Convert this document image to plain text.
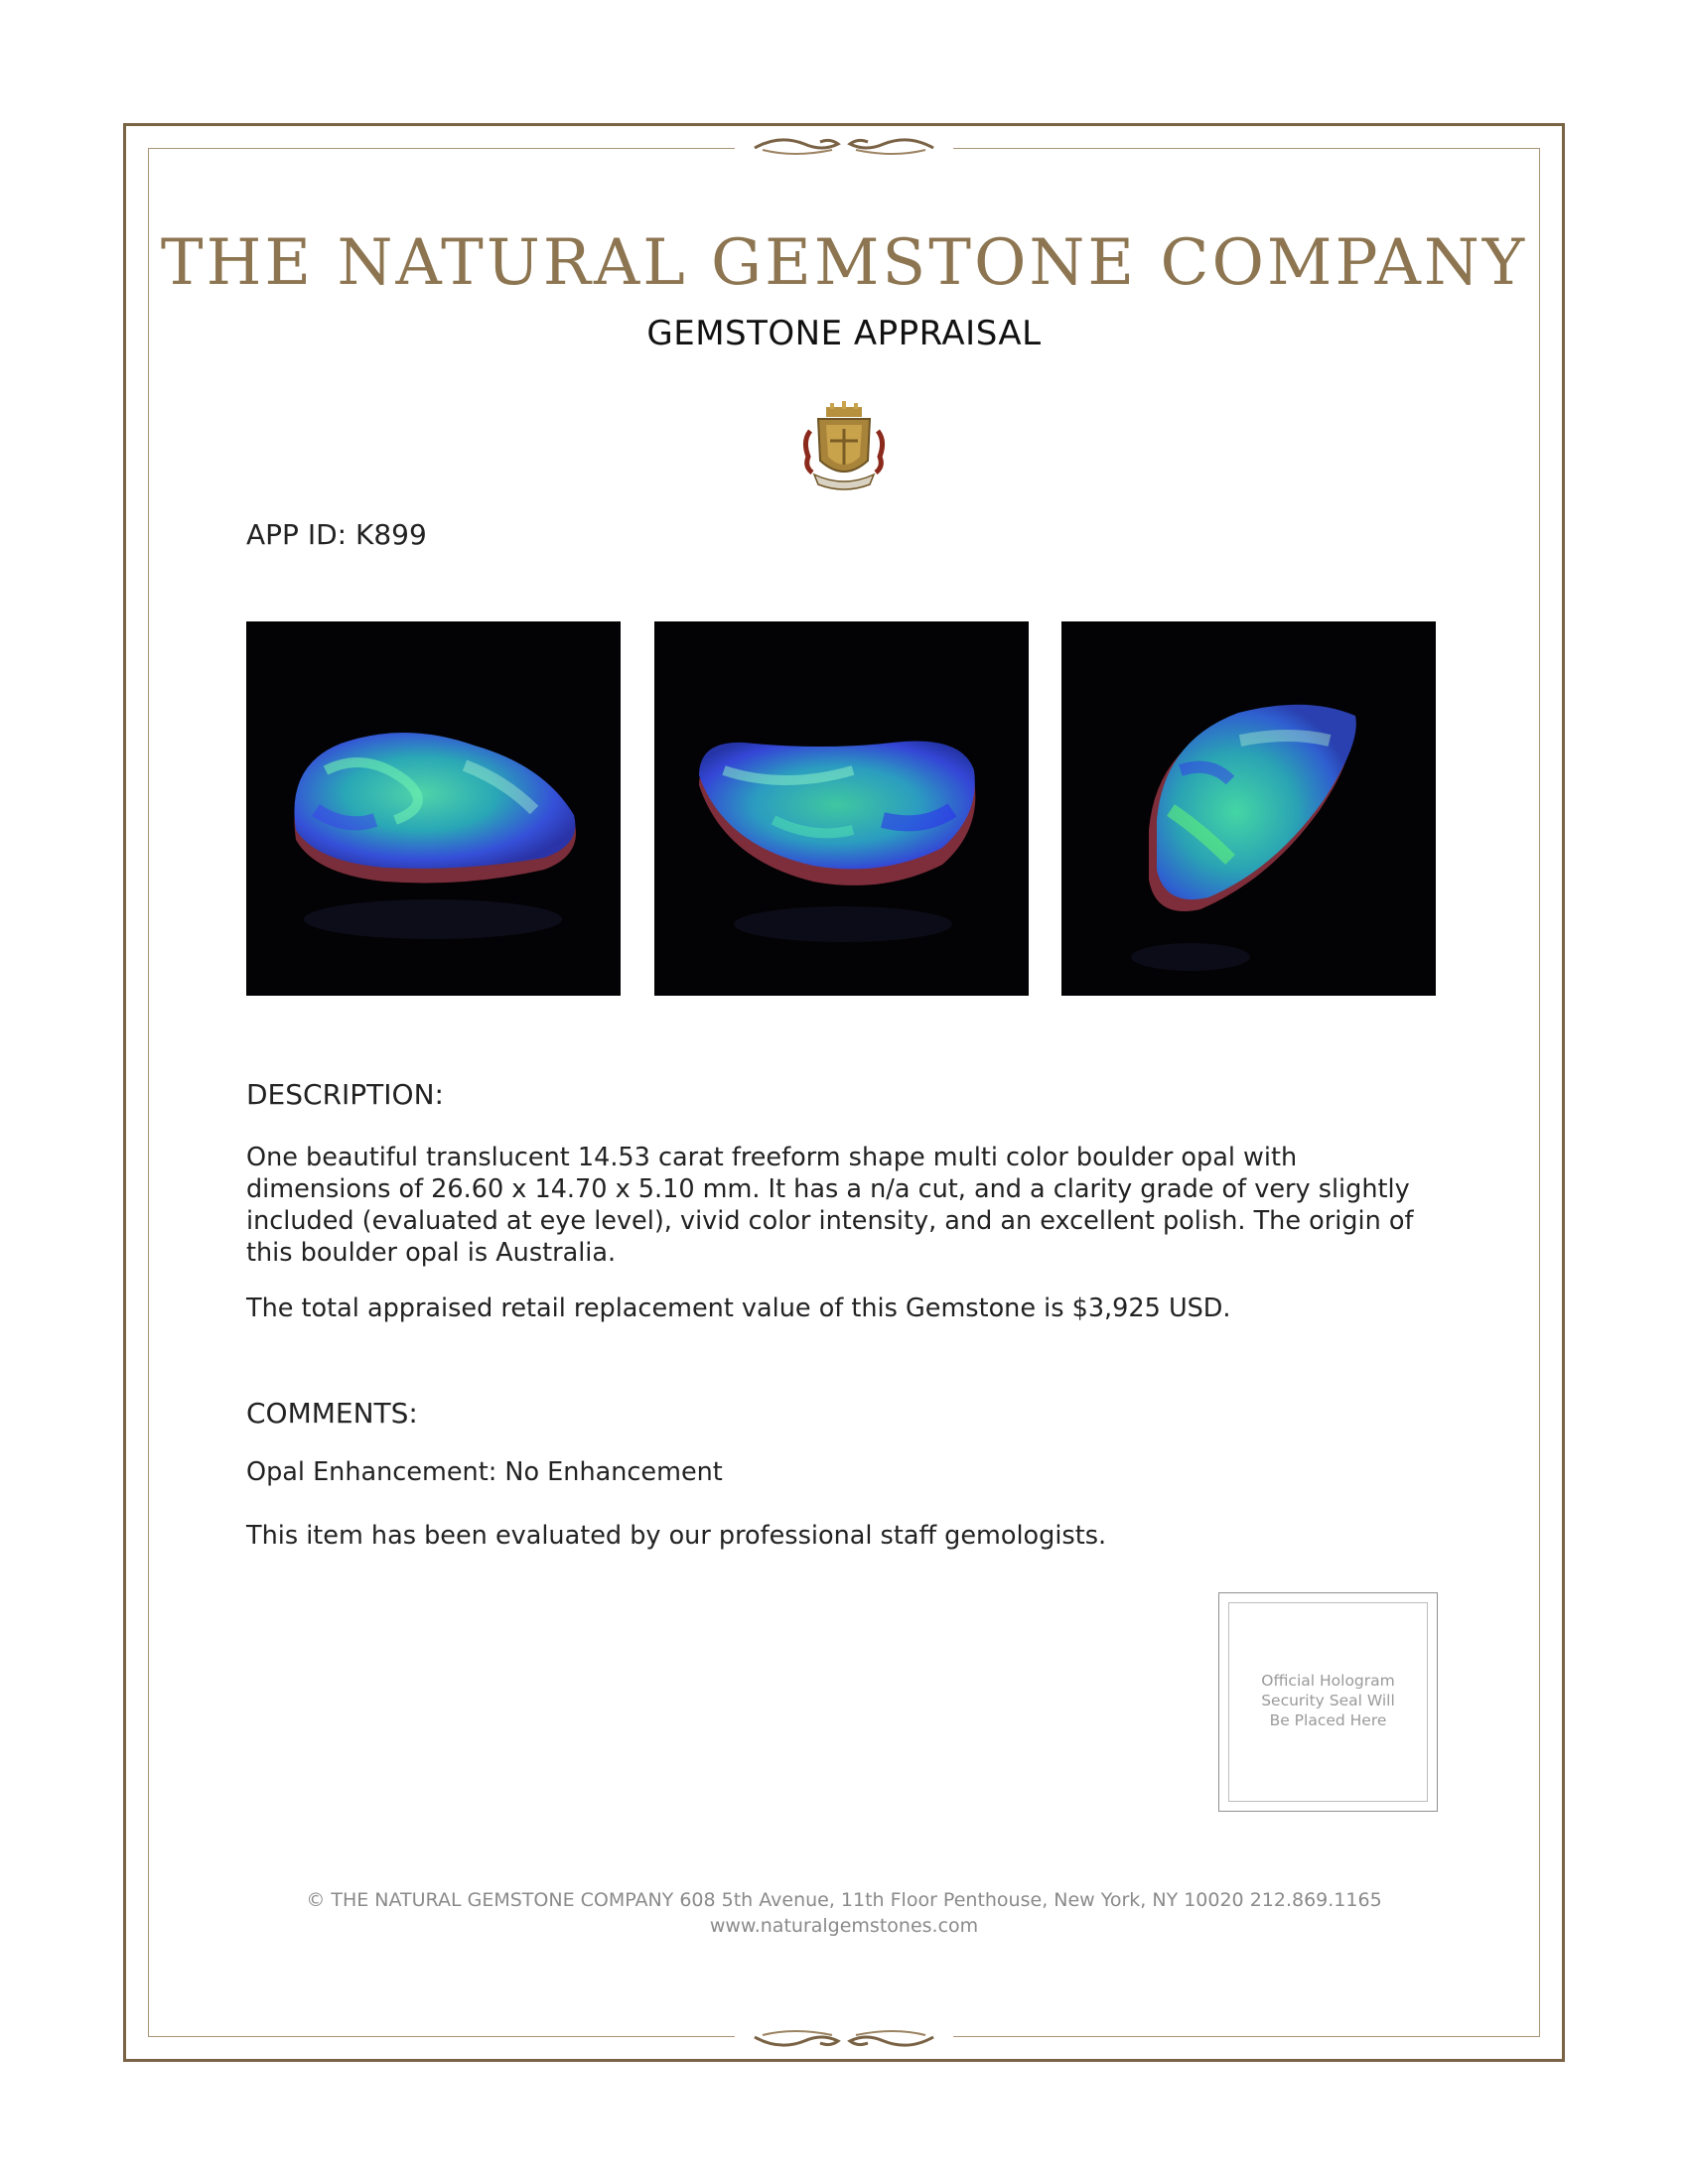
THE NATURAL GEMSTONE COMPANY
GEMSTONE APPRAISAL
APP ID: K899
DESCRIPTION:
One beautiful translucent 14.53 carat freeform shape multi color boulder opal with dimensions of 26.60 x 14.70 x 5.10 mm. It has a n/a cut, and a clarity grade of very slightly included (evaluated at eye level), vivid color intensity, and an excellent polish. The origin of this boulder opal is Australia.
The total appraised retail replacement value of this Gemstone is $3,925 USD.
COMMENTS:
Opal Enhancement: No Enhancement
This item has been evaluated by our professional staff gemologists.
Official Hologram
Security Seal Will
Be Placed Here
© THE NATURAL GEMSTONE COMPANY 608 5th Avenue, 11th Floor Penthouse, New York, NY 10020 212.869.1165
www.naturalgemstones.com
